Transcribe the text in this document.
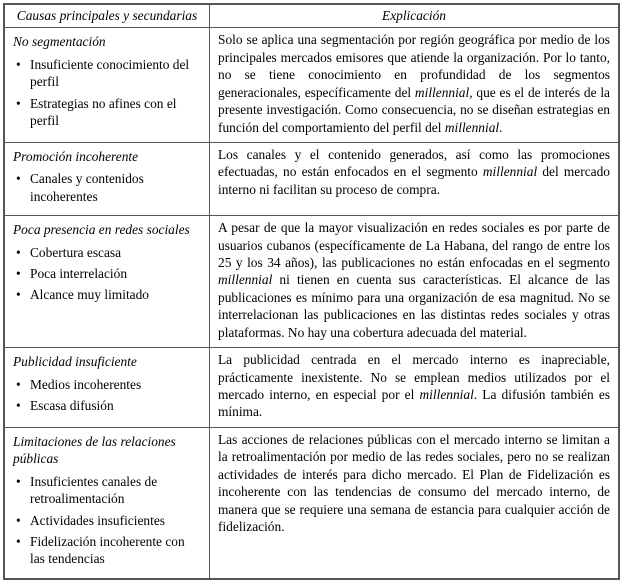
Causas principales y secundarias	Explicación

No segmentación
• Insuficiente conocimiento del perfil
• Estrategias no afines con el perfil
	Solo se aplica una segmentación por región geográfica por medio de los principales mercados emisores que atiende la organización. Por lo tanto, no se tiene conocimiento en profundidad de los segmentos generacionales, específicamente del millennial, que es el de interés de la presente investigación. Como consecuencia, no se diseñan estrategias en función del comportamiento del perfil del millennial.

Promoción incoherente
• Canales y contenidos incoherentes
	Los canales y el contenido generados, así como las promociones efectuadas, no están enfocados en el segmento millennial del mercado interno ni facilitan su proceso de compra.

Poca presencia en redes sociales
• Cobertura escasa
• Poca interrelación
• Alcance muy limitado
	A pesar de que la mayor visualización en redes sociales es por parte de usuarios cubanos (específicamente de La Habana, del rango de entre los 25 y los 34 años), las publicaciones no están enfocadas en el segmento millennial ni tienen en cuenta sus características. El alcance de las publicaciones es mínimo para una organización de esa magnitud. No se interrelacionan las publicaciones en las distintas redes sociales y otras plataformas. No hay una cobertura adecuada del material.

Publicidad insuficiente
• Medios incoherentes
• Escasa difusión
	La publicidad centrada en el mercado interno es inapreciable, prácticamente inexistente. No se emplean medios utilizados por el mercado interno, en especial por el millennial. La difusión también es mínima.

Limitaciones de las relaciones públicas
• Insuficientes canales de retroalimentación
• Actividades insuficientes
• Fidelización incoherente con las tendencias
	Las acciones de relaciones públicas con el mercado interno se limitan a la retroalimentación por medio de las redes sociales, pero no se realizan actividades de interés para dicho mercado. El Plan de Fidelización es incoherente con las tendencias de consumo del mercado interno, de manera que se requiere una semana de estancia para cualquier acción de fidelización.
